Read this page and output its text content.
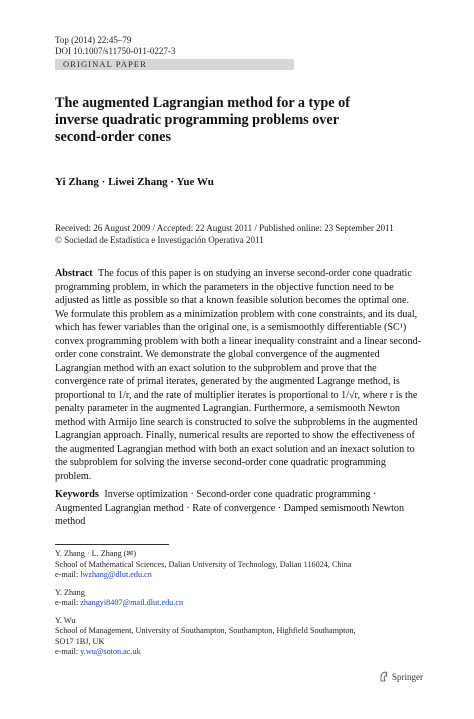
Top (2014) 22:45–79
DOI 10.1007/s11750-011-0227-3
ORIGINAL PAPER
The augmented Lagrangian method for a type of inverse quadratic programming problems over second-order cones
Yi Zhang · Liwei Zhang · Yue Wu
Received: 26 August 2009 / Accepted: 22 August 2011 / Published online: 23 September 2011
© Sociedad de Estadística e Investigación Operativa 2011
Abstract The focus of this paper is on studying an inverse second-order cone quadratic programming problem, in which the parameters in the objective function need to be adjusted as little as possible so that a known feasible solution becomes the optimal one. We formulate this problem as a minimization problem with cone constraints, and its dual, which has fewer variables than the original one, is a semismoothly differentiable (SC¹) convex programming problem with both a linear inequality constraint and a linear second-order cone constraint. We demonstrate the global convergence of the augmented Lagrangian method with an exact solution to the subproblem and prove that the convergence rate of primal iterates, generated by the augmented Lagrange method, is proportional to 1/r, and the rate of multiplier iterates is proportional to 1/√r, where r is the penalty parameter in the augmented Lagrangian. Furthermore, a semismooth Newton method with Armijo line search is constructed to solve the subproblems in the augmented Lagrangian approach. Finally, numerical results are reported to show the effectiveness of the augmented Lagrangian method with both an exact solution and an inexact solution to the subproblem for solving the inverse second-order cone quadratic programming problem.
Keywords Inverse optimization · Second-order cone quadratic programming · Augmented Lagrangian method · Rate of convergence · Damped semismooth Newton method
Y. Zhang · L. Zhang (✉)
School of Mathematical Sciences, Dalian University of Technology, Dalian 116024, China
e-mail: lwzhang@dlut.edu.cn
Y. Zhang
e-mail: zhangyi8407@mail.dlut.edu.cn
Y. Wu
School of Management, University of Southampton, Southampton, Highfield Southampton,
SO17 1BJ, UK
e-mail: y.wu@soton.ac.uk
Springer
